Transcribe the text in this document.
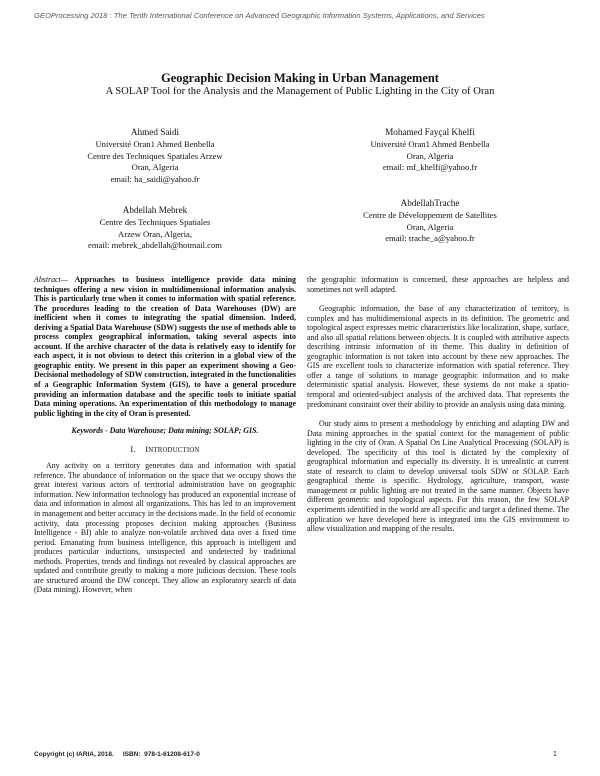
GEOProcessing 2018 : The Tenth International Conference on Advanced Geographic Information Systems, Applications, and Services
Geographic Decision Making in Urban Management
A SOLAP Tool for the Analysis and the Management of Public Lighting in the City of Oran
Ahmed Saidi
Université Oran1 Ahmed Benbella
Centre des Techniques Spatiales Arzew
Oran, Algeria
email: ha_saidi@yahoo.fr
Mohamed Fayçal Khelfi
Université Oran1 Ahmed Benbella
Oran, Algeria
email: mf_khelfi@yahoo.fr
Abdellah Mebrek
Centre des Techniques Spatiales
Arzew Oran, Algeria,
email: mebrek_abdellah@hotmail.com
AbdellahTrache
Centre de Développement de Satellites
Oran, Algeria
email: trache_a@yahoo.fr

Abstract— Approaches to business intelligence provide data mining techniques offering a new vision in multidimensional information analysis. This is particularly true when it comes to information with spatial reference. The procedures leading to the creation of Data Warehouses (DW) are inefficient when it comes to integrating the spatial dimension. Indeed, deriving a Spatial Data Warehouse (SDW) suggests the use of methods able to process complex geographical information, taking several aspects into account. If the archive character of the data is relatively easy to identify for each aspect, it is not obvious to detect this criterion in a global view of the geographic entity. We present in this paper an experiment showing a Geo-Decisional methodology of SDW construction, integrated in the functionalities of a Geographic Information System (GIS), to have a general procedure providing an information database and the specific tools to initiate spatial Data mining operations. An experimentation of this methodology to manage public lighting in the city of Oran is presented.

Keywords - Data Warehouse; Data mining; SOLAP; GIS.

I. INTRODUCTION

Any activity on a territory generates data and information with spatial reference. The abundance of information on the space that we occupy shows the great interest various actors of territorial administration have on geographic information. New information technology has produced an exponential increase of data and information in almost all organizations. This has led to an improvement in management and better accuracy in the decisions made. In the field of economic activity, data processing proposes decision making approaches (Business Intelligence - BI) able to analyze non-volatile archived data over a fixed time period. Emanating from business intelligence, this approach is intelligent and produces particular inductions, unsuspected and undetected by traditional methods. Properties, trends and findings not revealed by classical approaches are updated and contribute greatly to making a more judicious decision. These tools are structured around the DW concept. They allow an exploratory search of data (Data mining). However, when

the geographic information is concerned, these approaches are helpless and sometimes not well adapted.

Geographic information, the base of any characterization of territory, is complex and has multidimensional aspects in its definition. The geometric and topological aspect expresses metric characteristics like localization, shape, surface, and also all spatial relations between objects. It is coupled with attributive aspects describing intrinsic information of its theme. This duality in definition of geographic information is not taken into account by these new approaches. The GIS are excellent tools to characterize information with spatial reference. They offer a range of solutions to manage geographic information and to make deterministic spatial analysis. However, these systems do not make a spatio-temporal and oriented-subject analysis of the archived data. That represents the predominant constraint over their ability to provide an analysis using data mining.

Our study aims to present a methodology by enriching and adapting DW and Data mining approaches in the spatial context for the management of public lighting in the city of Oran. A Spatial On Line Analytical Processing (SOLAP) is developed. The specificity of this tool is dictated by the complexity of geographical information and especially its diversity. It is unrealistic at current state of research to claim to develop universal tools SDW or SOLAP. Each geographical theme is specific. Hydrology, agriculture, transport, waste management or public lighting are not treated in the same manner. Objects have different geometric and topological aspects. For this reason, the few SOLAP experiments identified in the world are all specific and target a defined theme. The application we have developed here is integrated into the GIS environment to allow visualization and mapping of the results.

Copyright (c) IARIA, 2018.     ISBN:  978-1-61208-617-0	1
